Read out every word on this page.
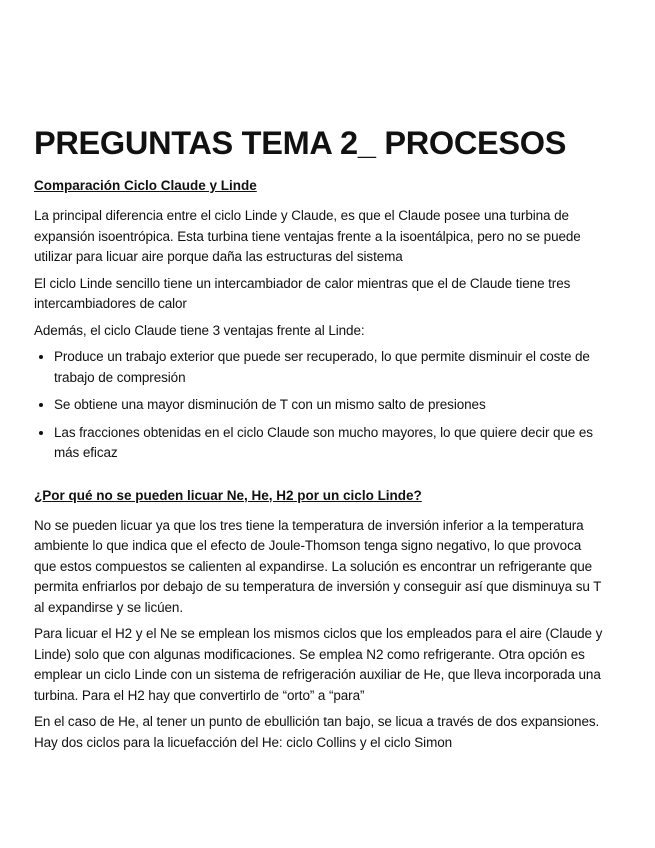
PREGUNTAS TEMA 2_ PROCESOS
Comparación Ciclo Claude y Linde

La principal diferencia entre el ciclo Linde y Claude, es que el Claude posee una turbina de expansión isoentrópica. Esta turbina tiene ventajas frente a la isoentálpica, pero no se puede utilizar para licuar aire porque daña las estructuras del sistema

El ciclo Linde sencillo tiene un intercambiador de calor mientras que el de Claude tiene tres intercambiadores de calor

Además, el ciclo Claude tiene 3 ventajas frente al Linde:

• Produce un trabajo exterior que puede ser recuperado, lo que permite disminuir el coste de trabajo de compresión
• Se obtiene una mayor disminución de T con un mismo salto de presiones
• Las fracciones obtenidas en el ciclo Claude son mucho mayores, lo que quiere decir que es más eficaz
¿Por qué no se pueden licuar Ne, He, H2 por un ciclo Linde?

No se pueden licuar ya que los tres tiene la temperatura de inversión inferior a la temperatura ambiente lo que indica que el efecto de Joule-Thomson tenga signo negativo, lo que provoca que estos compuestos se calienten al expandirse. La solución es encontrar un refrigerante que permita enfriarlos por debajo de su temperatura de inversión y conseguir así que disminuya su T al expandirse y se licúen.

Para licuar el H2 y el Ne se emplean los mismos ciclos que los empleados para el aire (Claude y Linde) solo que con algunas modificaciones. Se emplea N2 como refrigerante. Otra opción es emplear un ciclo Linde con un sistema de refrigeración auxiliar de He, que lleva incorporada una turbina. Para el H2 hay que convertirlo de “orto” a “para”

En el caso de He, al tener un punto de ebullición tan bajo, se licua a través de dos expansiones. Hay dos ciclos para la licuefacción del He: ciclo Collins y el ciclo Simon
